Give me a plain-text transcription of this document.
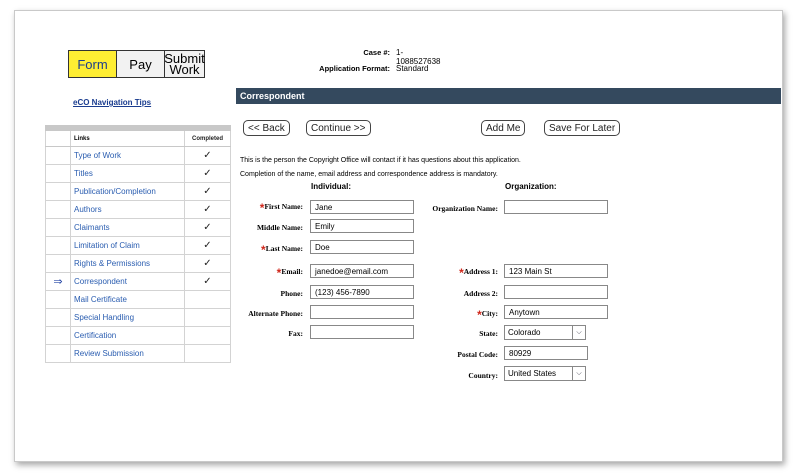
Form	Pay Submit
Work
eCO Navigation Tips
Case #: 1-1088527638
Application Format: Standard
Links	Completed
Type of Work	✓
Titles	✓
Publication/Completion	✓
Authors	✓
Claimants	✓
Limitation of Claim	✓
Rights & Permissions	✓
⇒	Correspondent	✓
Mail Certificate
Special Handling
Certification
Review Submission
Correspondent
<< Back	Continue >>	Add Me	Save For Later
This is the person the Copyright Office will contact if it has questions about this application.
Completion of the name, email address and correspondence address is mandatory.
Individual:	Organization:
*First Name:	Jane
Middle Name:	Emily
*Last Name:	Doe
*Email:	janedoe@email.com
Phone:	(123) 456-7890
Alternate Phone:
Fax:
Organization Name:
*Address 1:	123 Main St
Address 2:
*City:	Anytown
State:	Colorado	⌵
Postal Code:	80929
Country:	United States	⌵
